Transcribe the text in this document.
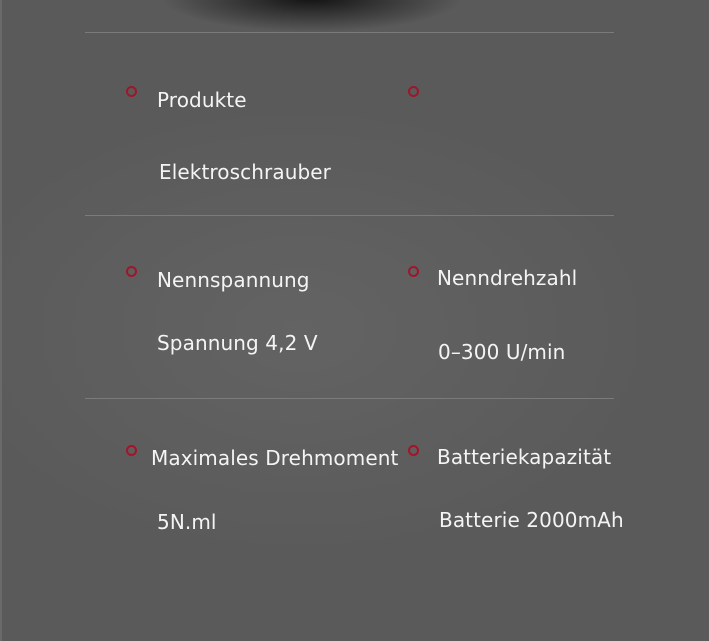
Produkte
Elektroschrauber
Nennspannung
Spannung 4,2 V
Nenndrehzahl
0–300 U/min
Maximales Drehmoment
5N.ml
Batteriekapazität
Batterie 2000mAh
